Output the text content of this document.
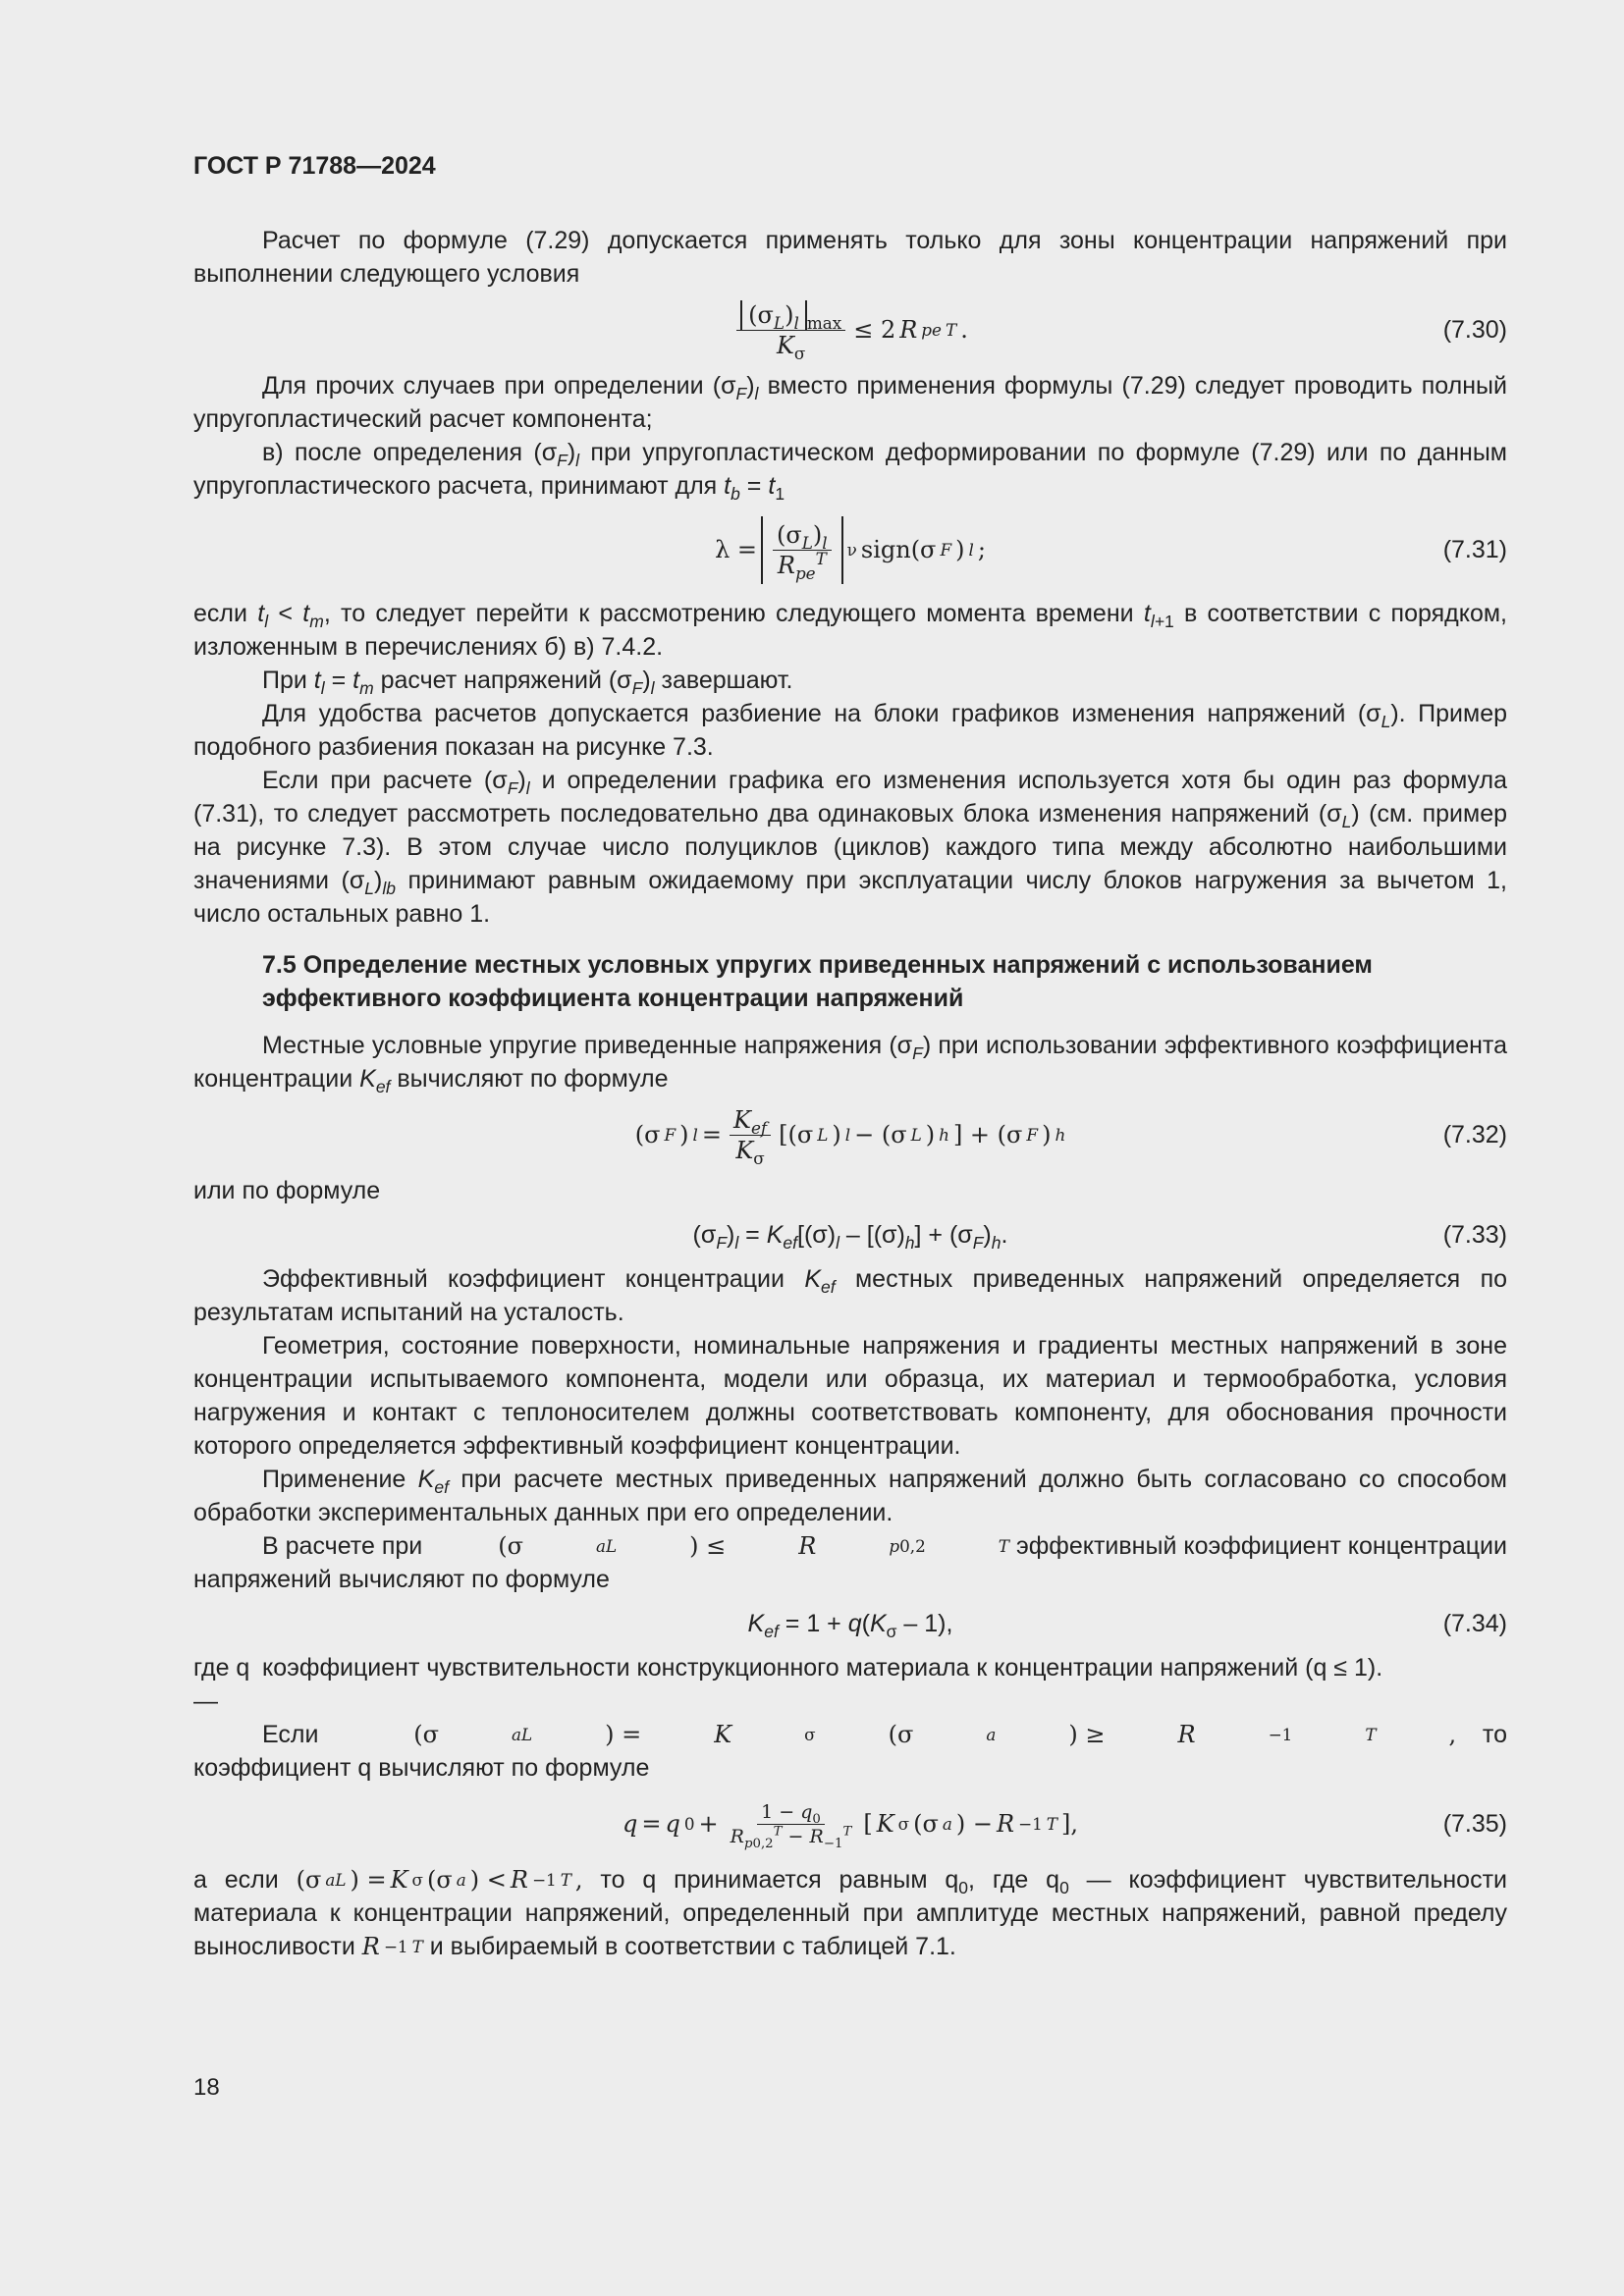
ГОСТ Р 71788—2024

Расчет по формуле (7.29) допускается применять только для зоны концентрации напряжений при выполнении следующего условия

$\frac{(\sigma_L)_l _{max}}{K_\sigma} \le 2$ R pe T .	(7.30)

Для прочих случаев при определении $(\sigma_F)_l$ вместо применения формулы (7.29) следует проводить полный упругопластический расчет компонента;

в) после определения $(\sigma_F)_l$ при упругопластическом деформировании по формуле (7.29) или по данным упругопластического расчета, принимают для $t_b = t_1$

$\lambda = \frac{(\sigma_L)_l}{R_{pe}^T}$ ν sign(σ F ) l ;	(7.31)

если $t_l < t_m$, то следует перейти к рассмотрению следующего момента времени $t_{l+1}$ в соответствии с порядком, изложенным в перечислениях б) в) 7.4.2.

При $t_l = t_m$ расчет напряжений $(\sigma_F)_l$ завершают.

Для удобства расчетов допускается разбиение на блоки графиков изменения напряжений $(\sigma_L)$. Пример подобного разбиения показан на рисунке 7.3.

Если при расчете $(\sigma_F)_l$ и определении графика его изменения используется хотя бы один раз формула (7.31), то следует рассмотреть последовательно два одинаковых блока изменения напряжений $(\sigma_L)$ (см. пример на рисунке 7.3). В этом случае число полуциклов (циклов) каждого типа между абсолютно наибольшими значениями $(\sigma_L)_{lb}$ принимают равным ожидаемому при эксплуатации числу блоков нагружения за вычетом 1, число остальных равно 1.

7.5 Определение местных условных упругих приведенных напряжений с использованием эффективного коэффициента концентрации напряжений

Местные условные упругие приведенные напряжения $(\sigma_F)$ при использовании эффективного коэффициента концентрации $K_{ef}$ вычисляют по формуле

(σ F ) $l = \frac{K_{ef}}{K_\sigma} [(\sigma$ L ) l − (σ L ) h ] + (σ F ) h	(7.32)

или по формуле

$(\sigma_F)_l = K_{ef}[(\sigma)_l - [(\sigma)_h] + (\sigma_F)_h$.	(7.33)

Эффективный коэффициент концентрации $K_{ef}$ местных приведенных напряжений определяется по результатам испытаний на усталость.

Геометрия, состояние поверхности, номинальные напряжения и градиенты местных напряжений в зоне концентрации испытываемого компонента, модели или образца, их материал и термообработка, условия нагружения и контакт с теплоносителем должны соответствовать компоненту, для обоснования прочности которого определяется эффективный коэффициент концентрации.

Применение $K_{ef}$ при расчете местных приведенных напряжений должно быть согласовано со способом обработки экспериментальных данных при его определении.

В расчете при	(σ	aL	) ≤	R	p0,2	T эффективный коэффициент концентрации напряжений вычисляют по формуле

$K_{ef} = 1 + q(K_\sigma - 1)$,	(7.34)
где q —
коэффициент чувствительности конструкционного материала к концентрации напряжений (q ≤ 1).

Если	(σ	aL	) =	K	σ	(σ	a	) ≥	R	−1	T	, то коэффициент q вычисляют по формуле

q = q $0 + \frac{1 - q_0}{R_{p0,2}^T - R_{-1}^T}$ [ K σ (σ a ) − R −1 T ],	(7.35)

а если (σ aL ) = K σ (σ a ) < R −1 T , то q принимается равным $q_0$, где $q_0$ — коэффициент чувствительности материала к концентрации напряжений, определенный при амплитуде местных напряжений, равной пределу выносливости R −1 T и выбираемый в соответствии с таблицей 7.1.

18
